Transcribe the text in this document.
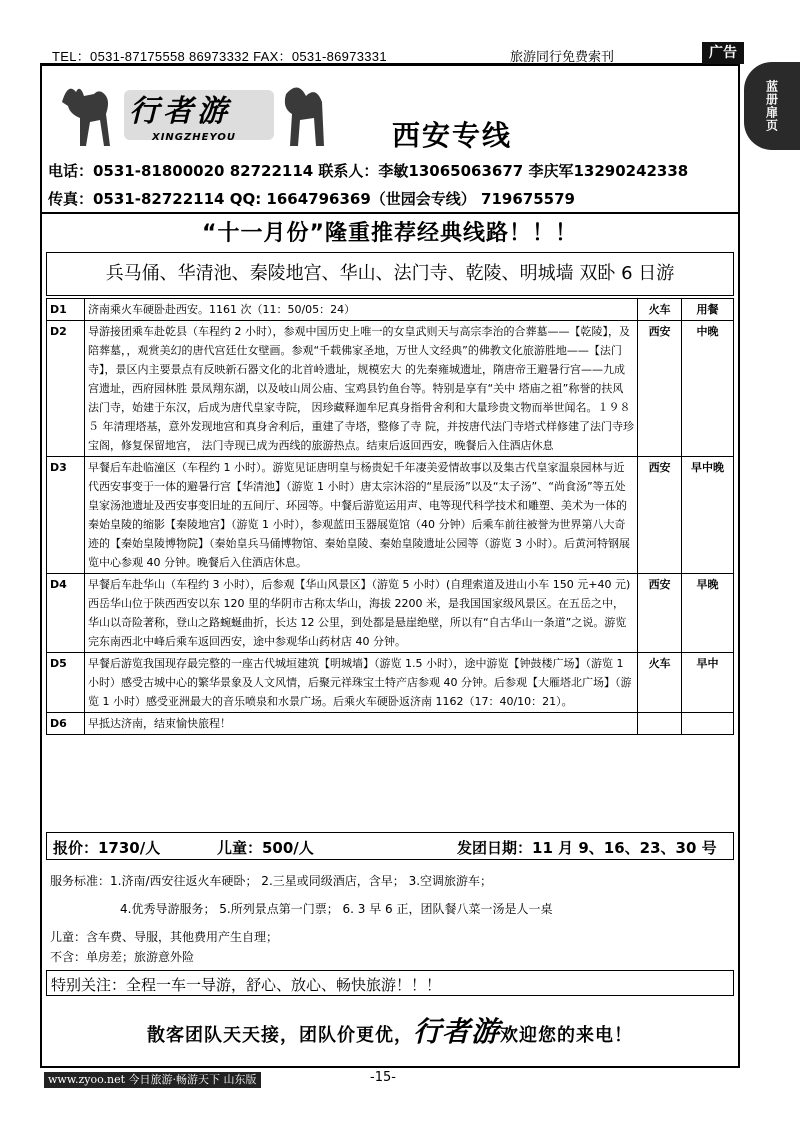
TEL：0531-87175558 86973332 FAX：0531-86973331	旅游同行免费索刊	广告
蓝册扉页
行者游
XINGZHEYOU	西安专线
电话：0531-81800020 82722114 联系人：李敏13065063677 李庆军13290242338
传真：0531-82722114 QQ: 1664796369（世园会专线） 719675579
“十一月份”隆重推荐经典线路！！！
兵马俑、华清池、秦陵地宫、华山、法门寺、乾陵、明城墙 双卧 6 日游
D1	济南乘火车硬卧赴西安。1161 次（11：50/05：24）	火车	用餐
D2	导游接团乘车赴乾县（车程约 2 小时），参观中国历史上唯一的女皇武则天与高宗李治的合葬墓——【乾陵】，及陪葬墓，，观赏美幻的唐代宫廷仕女壁画。参观“千载佛家圣地，万世人文经典”的佛教文化旅游胜地——【法门寺】，景区内主要景点有反映新石器文化的北首岭遗址，规模宏大 的先秦雍城遗址，隋唐帝王避暑行宫——九成宫遗址，西府园林胜 景凤翔东湖，以及岐山周公庙、宝鸡县钓鱼台等。特别是享有“关中 塔庙之祖”称誉的扶风法门寺，始建于东汉，后成为唐代皇家寺院， 因珍藏释迦牟尼真身指骨舍利和大量珍贵文物而举世闻名。１９８５ 年清理塔基，意外发现地宫和真身舍利后，重建了寺塔，整修了寺 院，并按唐代法门寺塔式样修建了法门寺珍宝阁，修复保留地宫， 法门寺现已成为西线的旅游热点。结束后返回西安，晚餐后入住酒店休息	西安	中晚
D3	早餐后车赴临潼区（车程约 1 小时）。游览见证唐明皇与杨贵妃千年凄美爱情故事以及集古代皇家温泉园林与近代西安事变于一体的避暑行宫【华清池】（游览 1 小时）唐太宗沐浴的“星辰汤”以及“太子汤”、“尚食汤”等五处皇家汤池遗址及西安事变旧址的五间厅、环园等。中餐后游览运用声、电等现代科学技术和雕塑、美术为一体的秦始皇陵的缩影【秦陵地宫】（游览 1 小时），参观蓝田玉器展览馆（40 分钟）后乘车前往被誉为世界第八大奇迹的【秦始皇陵博物院】（秦始皇兵马俑博物馆、秦始皇陵、秦始皇陵遗址公园等（游览 3 小时）。后黄河特钢展览中心参观 40 分钟。晚餐后入住酒店休息。	西安	早中晚
D4	早餐后车赴华山（车程约 3 小时），后参观【华山风景区】（游览 5 小时）(自理索道及进山小车 150 元+40 元)西岳华山位于陕西西安以东 120 里的华阴市古称太华山，海拔 2200 米，是我国国家级风景区。在五岳之中，华山以奇险著称，登山之路蜿蜒曲折，长达 12 公里，到处都是悬崖绝壁，所以有“自古华山一条道”之说。游览完东南西北中峰后乘车返回西安，途中参观华山药材店 40 分钟。	西安	早晚
D5	早餐后游览我国现存最完整的一座古代城垣建筑【明城墙】（游览 1.5 小时），途中游览【钟鼓楼广场】（游览 1 小时）感受古城中心的繁华景象及人文风情，后聚元祥珠宝土特产店参观 40 分钟。后参观【大雁塔北广场】（游览 1 小时）感受亚洲最大的音乐喷泉和水景广场。后乘火车硬卧返济南 1162（17：40/10：21）。	火车	早中
D6	早抵达济南，结束愉快旅程！		
报价：1730/人	儿童：500/人	发团日期：11 月 9、16、23、30 号
服务标准：1.济南/西安往返火车硬卧； 2.三星或同级酒店，含早； 3.空调旅游车；
4.优秀导游服务； 5.所列景点第一门票； 6. 3 早 6 正，团队餐八菜一汤是人一桌
儿童：含车费、导服，其他费用产生自理；
不含：单房差；旅游意外险
特别关注：全程一车一导游，舒心、放心、畅快旅游！！！
散客团队天天接，团队价更优，行者游欢迎您的来电！
www.zyoo.net 今日旅游·畅游天下 山东版	-15-
